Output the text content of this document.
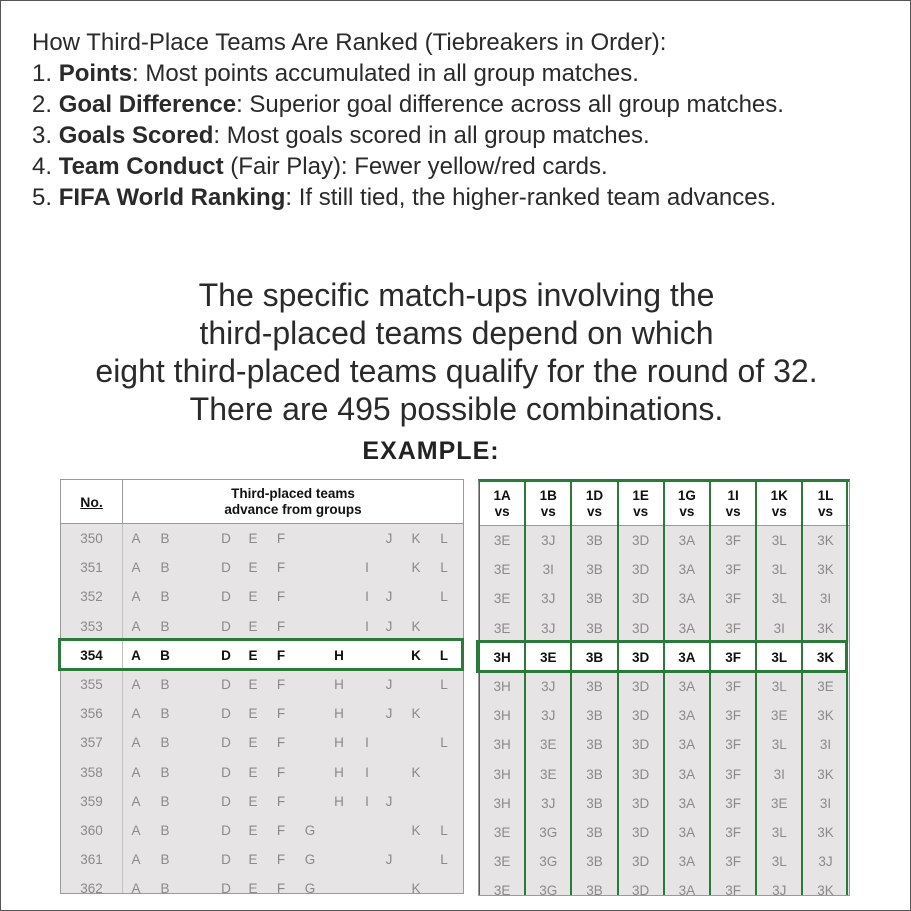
How Third-Place Teams Are Ranked (Tiebreakers in Order):
1. Points: Most points accumulated in all group matches.
2. Goal Difference: Superior goal difference across all group matches.
3. Goals Scored: Most goals scored in all group matches.
4. Team Conduct (Fair Play): Fewer yellow/red cards.
5. FIFA World Ranking: If still tied, the higher-ranked team advances.
The specific match-ups involving the
third-placed teams depend on which
eight third-placed teams qualify for the round of 32.
There are 495 possible combinations.
EXAMPLE:
No.
Third-placed teams
advance from groups
350	A	B	D	E	F	J	K	L
351	A	B	D	E	F	I	K	L
352	A	B	D	E	F	I	J	L
353	A	B	D	E	F	I	J	K
354	A	B	D	E	F	H	K	L
355	A	B	D	E	F	H	J	L
356	A	B	D	E	F	H	J	K
357	A	B	D	E	F	H	I	L
358	A	B	D	E	F	H	I	K
359	A	B	D	E	F	H	I	J
360	A	B	D	E	F	G	K	L
361	A	B	D	E	F	G	J	L
362	A	B	D	E	F	G	K
1A
vs
1B
vs
1D
vs
1E
vs
1G
vs
1I
vs
1K
vs
1L
vs
3E	3J	3B	3D	3A	3F	3L	3K
3E	3I	3B	3D	3A	3F	3L	3K
3E	3J	3B	3D	3A	3F	3L	3I
3E	3J	3B	3D	3A	3F	3I	3K
3H	3E	3B	3D	3A	3F	3L	3K
3H	3J	3B	3D	3A	3F	3L	3E
3H	3J	3B	3D	3A	3F	3E	3K
3H	3E	3B	3D	3A	3F	3L	3I
3H	3E	3B	3D	3A	3F	3I	3K
3H	3J	3B	3D	3A	3F	3E	3I
3E	3G	3B	3D	3A	3F	3L	3K
3E	3G	3B	3D	3A	3F	3L	3J
3E	3G	3B	3D	3A	3F	3J	3K
